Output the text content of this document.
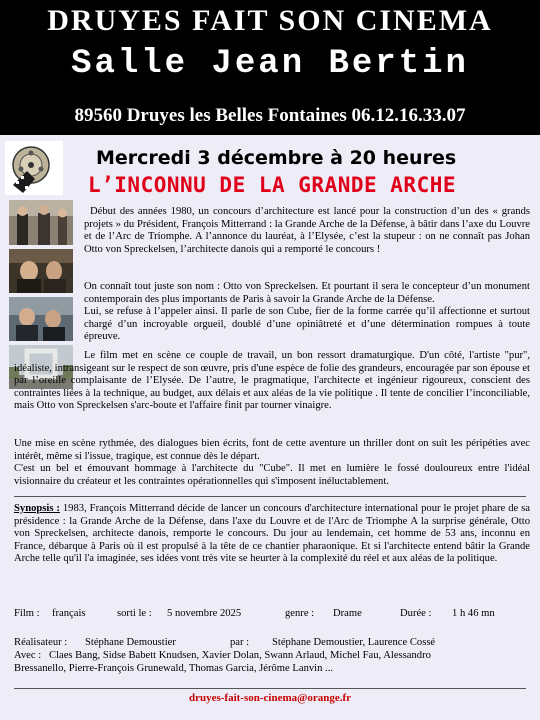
DRUYES FAIT SON CINEMA
Salle Jean Bertin
89560 Druyes les Belles Fontaines 06.12.16.33.07
Mercredi 3 décembre à 20 heures
L’INCONNU DE LA GRANDE ARCHE

Début des années 1980, un concours d’architecture est lancé pour la construction d’un des « grands projets » du Président, François Mitterrand : la Grande Arche de la Défense, à bâtir dans l’axe du Louvre et de l’Arc de Triomphe. A l’annonce du lauréat, à l’Elysée, c’est la stupeur : on ne connaît pas Johan Otto von Spreckelsen, l’architecte danois qui a remporté le concours !

On connaît tout juste son nom : Otto von Spreckelsen. Et pourtant il sera le concepteur d’un monument contemporain des plus importants de Paris à savoir la Grande Arche de la Défense.

Lui, se refuse à l’appeler ainsi. Il parle de son Cube, fier de la forme carrée qu’il affectionne et surtout chargé d’un incroyable orgueil, doublé d’une opiniâtreté et d’une détermination rompues à toute épreuve.

Le film met en scène ce couple de travail, un bon ressort dramaturgique. D'un côté, l'artiste "pur", idéaliste, intransigeant sur le respect de son œuvre, pris d'une espèce de folie des grandeurs, encouragée par son épouse et par l’oreille complaisante de l’Elysée. De l’autre, le pragmatique, l'architecte et ingénieur rigoureux, conscient des contraintes liées à la technique, au budget, aux délais et aux aléas de la vie politique . Il tente de concilier l’inconciliable, mais Otto von Spreckelsen s'arc-boute et l'affaire finit par tourner vinaigre.

Une mise en scène rythmée, des dialogues bien écrits, font de cette aventure un thriller dont on suit les péripéties avec intérêt, même si l'issue, tragique, est connue dès le départ.

C'est un bel et émouvant hommage à l'architecte du "Cube". Il met en lumière le fossé douloureux entre l'idéal visionnaire du créateur et les contraintes opérationnelles qui s'imposent inéluctablement.

Synopsis : 1983, François Mitterrand décide de lancer un concours d'architecture international pour le projet phare de sa présidence : la Grande Arche de la Défense, dans l'axe du Louvre et de l'Arc de Triomphe A la surprise générale, Otto von Spreckelsen, architecte danois, remporte le concours. Du jour au lendemain, cet homme de 53 ans, inconnu en France, débarque à Paris où il est propulsé à la tête de ce chantier pharaonique. Et si l'architecte entend bâtir la Grande Arche telle qu'il l'a imaginée, ses idées vont très vite se heurter à la complexité du réel et aux aléas de la politique.

Film : français	sorti le : 5 novembre 2025	genre : Drame	Durée : 1 h 46 mn
Réalisateur : Stéphane Demoustier	par : Stéphane Demoustier, Laurence Cossé
Avec : Claes Bang, Sidse Babett Knudsen, Xavier Dolan, Swann Arlaud, Michel Fau, Alessandro
Bressanello, Pierre-François Grunewald, Thomas Garcia, Jérôme Lanvin ...
druyes-fait-son-cinema@orange.fr
